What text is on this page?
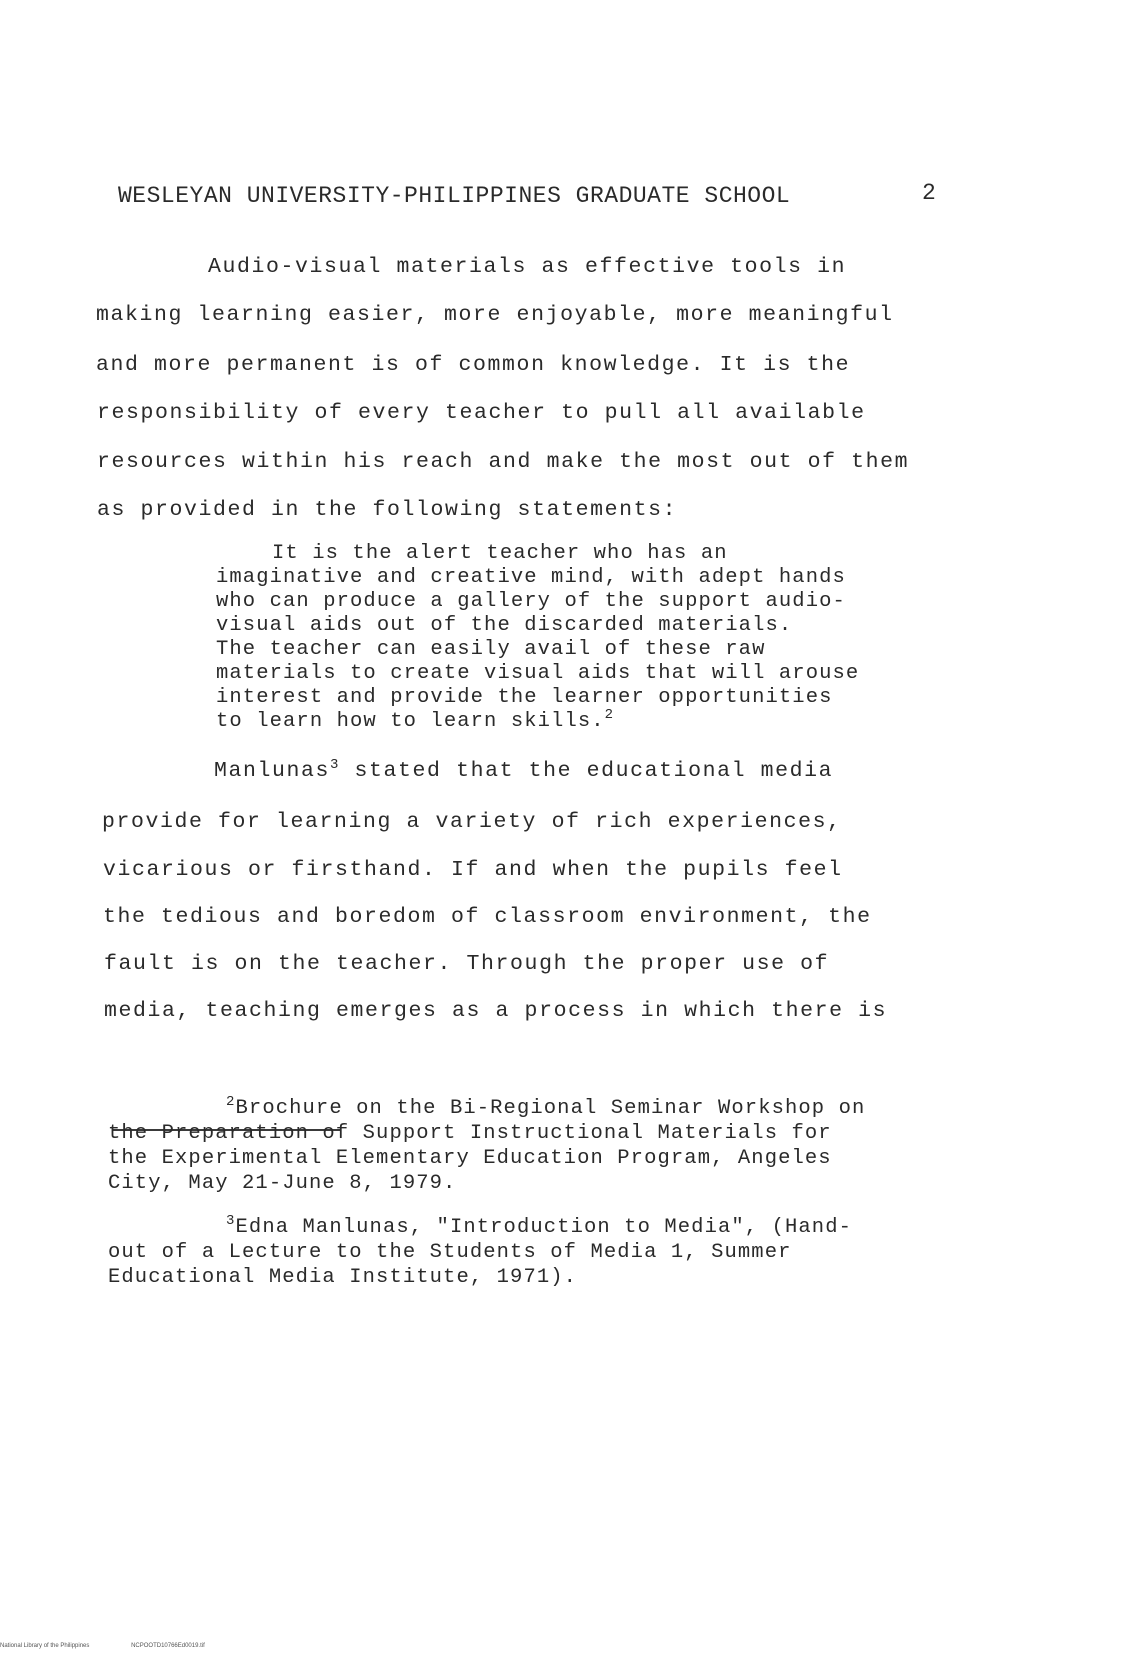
WESLEYAN UNIVERSITY-PHILIPPINES GRADUATE SCHOOL	2
Audio-visual materials as effective tools in
making learning easier, more enjoyable, more meaningful
and more permanent is of common knowledge. It is the
responsibility of every teacher to pull all available
resources within his reach and make the most out of them
as provided in the following statements:
It is the alert teacher who has an
imaginative and creative mind, with adept hands
who can produce a gallery of the support audio-
visual aids out of the discarded materials.
The teacher can easily avail of these raw
materials to create visual aids that will arouse
interest and provide the learner opportunities
to learn how to learn skills.$^2$
Manlunas$^3$ stated that the educational media
provide for learning a variety of rich experiences,
vicarious or firsthand. If and when the pupils feel
the tedious and boredom of classroom environment, the
fault is on the teacher. Through the proper use of
media, teaching emerges as a process in which there is
$^2$Brochure on the Bi-Regional Seminar Workshop on
the Preparation of Support Instructional Materials for
the Experimental Elementary Education Program, Angeles
City, May 21-June 8, 1979.
$^3$Edna Manlunas, "Introduction to Media", (Hand-
out of a Lecture to the Students of Media 1, Summer
Educational Media Institute, 1971).
National Library of the Philippines	NCPOOTD10766Ed0019.tif
